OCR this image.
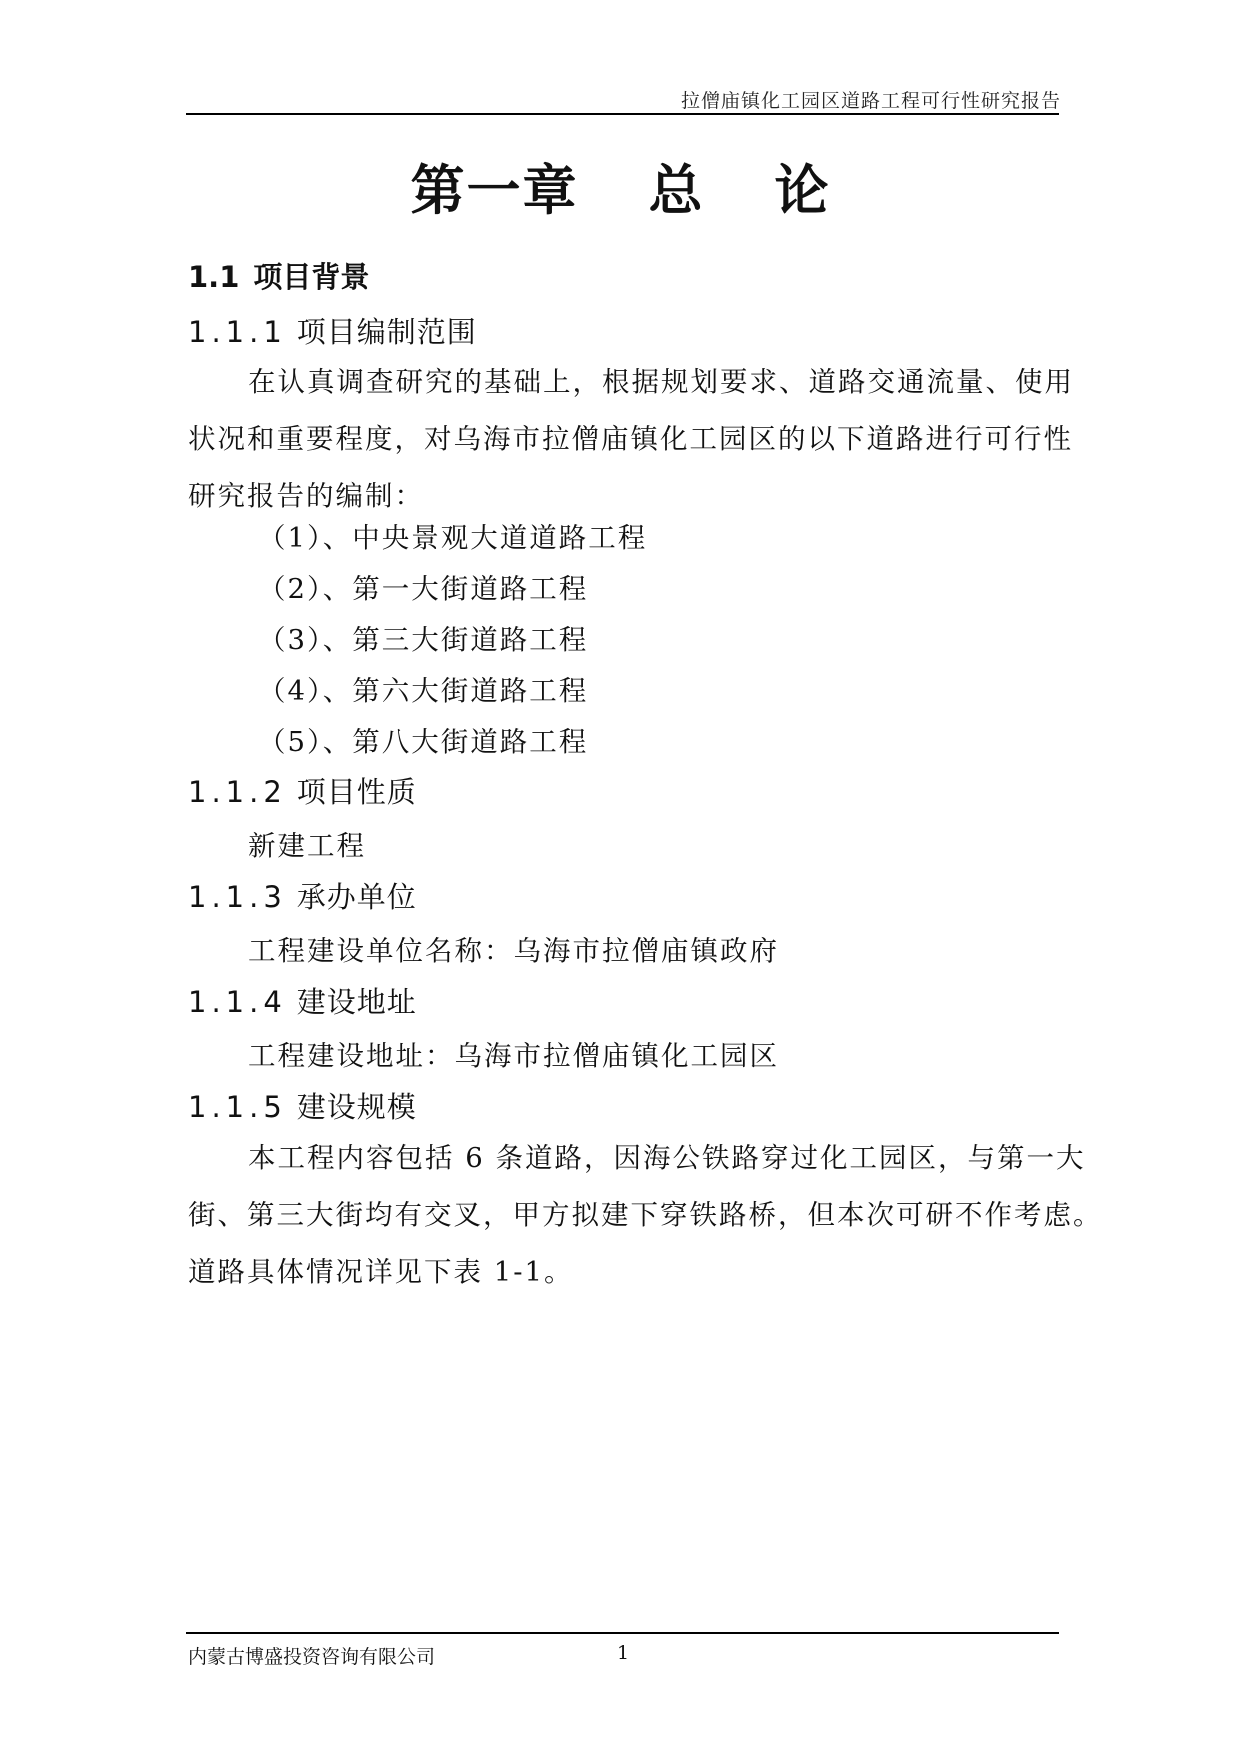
拉僧庙镇化工园区道路工程可行性研究报告
第一章 总 论
1.1 项目背景
1.1.1 项目编制范围
在认真调查研究的基础上，根据规划要求、道路交通流量、使用
状况和重要程度，对乌海市拉僧庙镇化工园区的以下道路进行可行性
研究报告的编制：
（1）、中央景观大道道路工程
（2）、第一大街道路工程
（3）、第三大街道路工程
（4）、第六大街道路工程
（5）、第八大街道路工程
1.1.2 项目性质
新建工程
1.1.3 承办单位
工程建设单位名称：乌海市拉僧庙镇政府
1.1.4 建设地址
工程建设地址：乌海市拉僧庙镇化工园区
1.1.5 建设规模
本工程内容包括 6 条道路，因海公铁路穿过化工园区，与第一大
街、第三大街均有交叉，甲方拟建下穿铁路桥，但本次可研不作考虑。
道路具体情况详见下表 1-1。
内蒙古博盛投资咨询有限公司	1
